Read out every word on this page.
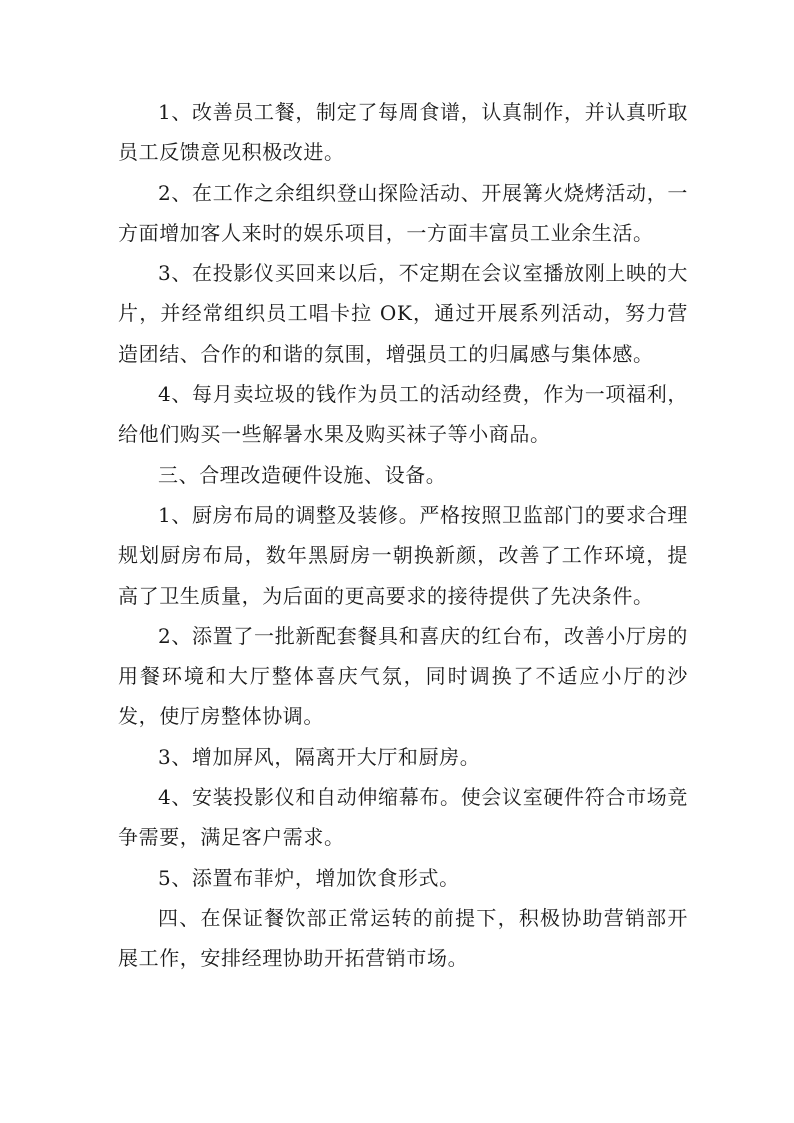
1、改善员工餐，制定了每周食谱，认真制作，并认真听取员工反馈意见积极改进。

2、在工作之余组织登山探险活动、开展篝火烧烤活动，一方面增加客人来时的娱乐项目，一方面丰富员工业余生活。

3、在投影仪买回来以后，不定期在会议室播放刚上映的大片，并经常组织员工唱卡拉 OK，通过开展系列活动，努力营造团结、合作的和谐的氛围，增强员工的归属感与集体感。

4、每月卖垃圾的钱作为员工的活动经费，作为一项福利，给他们购买一些解暑水果及购买袜子等小商品。

三、合理改造硬件设施、设备。

1、厨房布局的调整及装修。严格按照卫监部门的要求合理规划厨房布局，数年黑厨房一朝换新颜，改善了工作环境，提高了卫生质量，为后面的更高要求的接待提供了先决条件。

2、添置了一批新配套餐具和喜庆的红台布，改善小厅房的用餐环境和大厅整体喜庆气氛，同时调换了不适应小厅的沙发，使厅房整体协调。

3、增加屏风，隔离开大厅和厨房。

4、安装投影仪和自动伸缩幕布。使会议室硬件符合市场竞争需要，满足客户需求。

5、添置布菲炉，增加饮食形式。

四、在保证餐饮部正常运转的前提下，积极协助营销部开展工作，安排经理协助开拓营销市场。
